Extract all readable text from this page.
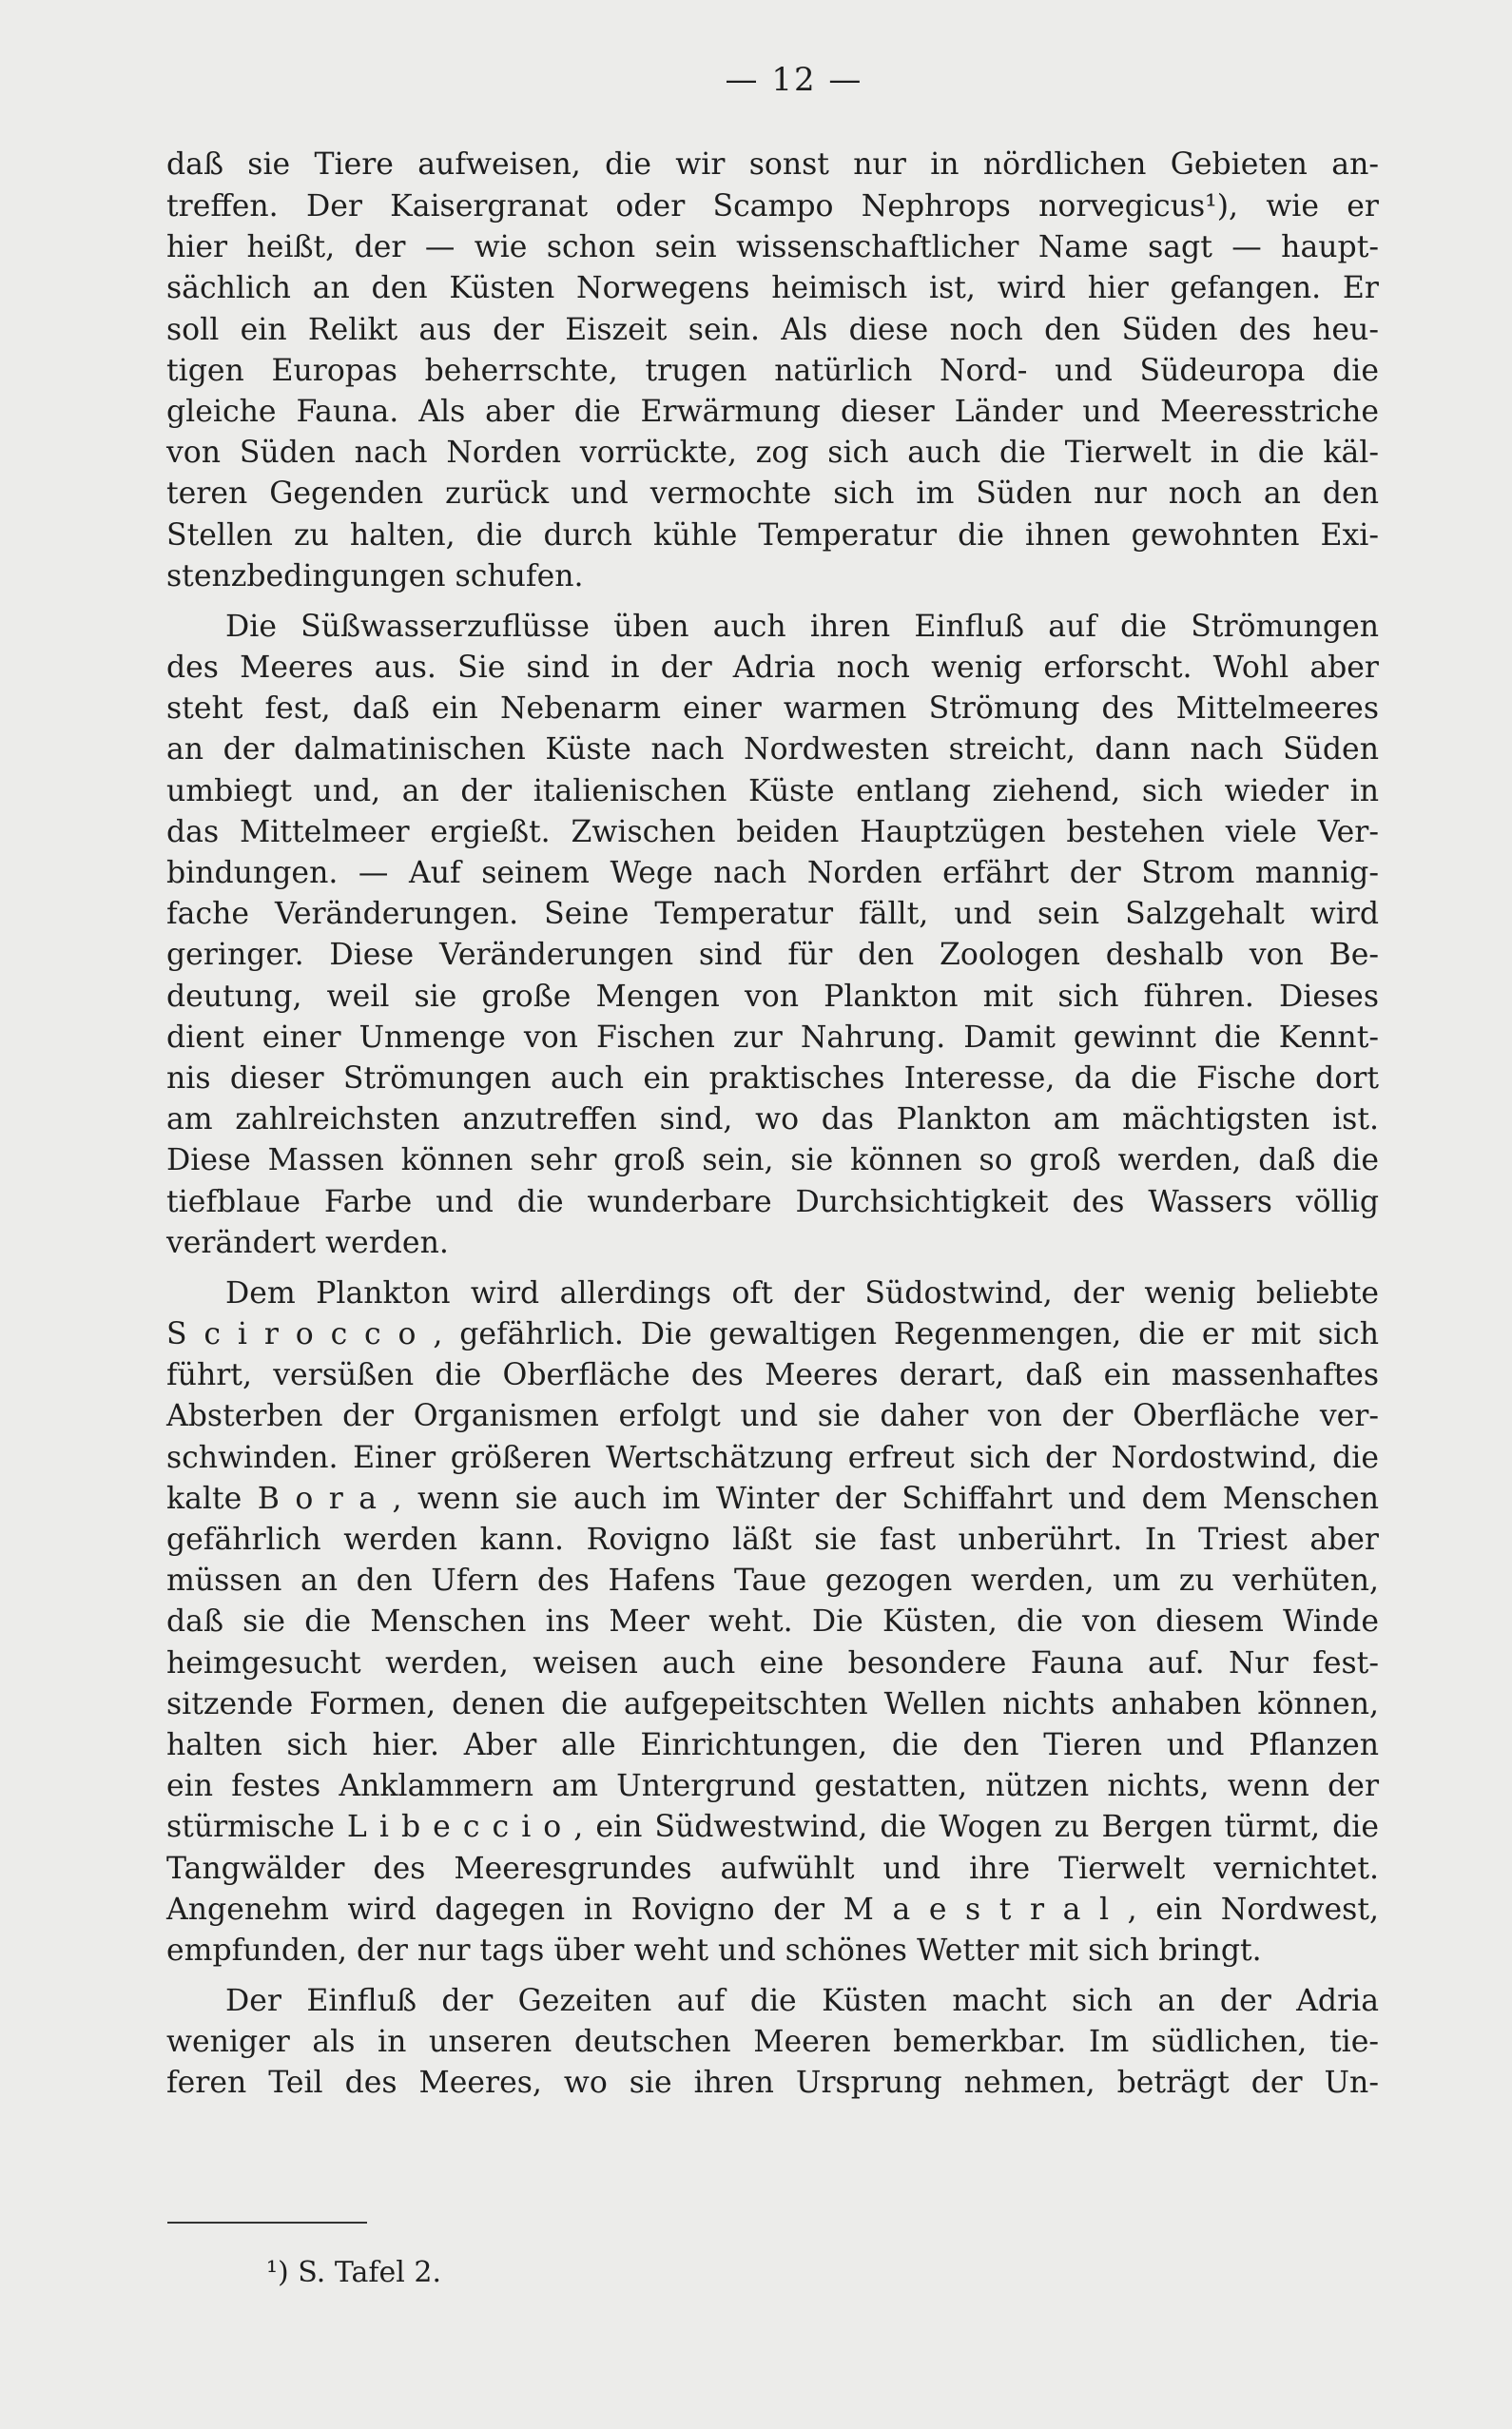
— 12 —
daß sie Tiere aufweisen, die wir sonst nur in nördlichen Gebieten an-
treffen. Der Kaisergranat oder Scampo Nephrops norvegicus¹), wie er
hier heißt, der — wie schon sein wissenschaftlicher Name sagt — haupt-
sächlich an den Küsten Norwegens heimisch ist, wird hier gefangen. Er
soll ein Relikt aus der Eiszeit sein. Als diese noch den Süden des heu-
tigen Europas beherrschte, trugen natürlich Nord- und Südeuropa die
gleiche Fauna. Als aber die Erwärmung dieser Länder und Meeresstriche
von Süden nach Norden vorrückte, zog sich auch die Tierwelt in die käl-
teren Gegenden zurück und vermochte sich im Süden nur noch an den
Stellen zu halten, die durch kühle Temperatur die ihnen gewohnten Exi-
stenzbedingungen schufen.
Die Süßwasserzuflüsse üben auch ihren Einfluß auf die Strömungen
des Meeres aus. Sie sind in der Adria noch wenig erforscht. Wohl aber
steht fest, daß ein Nebenarm einer warmen Strömung des Mittelmeeres
an der dalmatinischen Küste nach Nordwesten streicht, dann nach Süden
umbiegt und, an der italienischen Küste entlang ziehend, sich wieder in
das Mittelmeer ergießt. Zwischen beiden Hauptzügen bestehen viele Ver-
bindungen. — Auf seinem Wege nach Norden erfährt der Strom mannig-
fache Veränderungen. Seine Temperatur fällt, und sein Salzgehalt wird
geringer. Diese Veränderungen sind für den Zoologen deshalb von Be-
deutung, weil sie große Mengen von Plankton mit sich führen. Dieses
dient einer Unmenge von Fischen zur Nahrung. Damit gewinnt die Kennt-
nis dieser Strömungen auch ein praktisches Interesse, da die Fische dort
am zahlreichsten anzutreffen sind, wo das Plankton am mächtigsten ist.
Diese Massen können sehr groß sein, sie können so groß werden, daß die
tiefblaue Farbe und die wunderbare Durchsichtigkeit des Wassers völlig
verändert werden.
Dem Plankton wird allerdings oft der Südostwind, der wenig beliebte
S c i r o c c o , gefährlich. Die gewaltigen Regenmengen, die er mit sich
führt, versüßen die Oberfläche des Meeres derart, daß ein massenhaftes
Absterben der Organismen erfolgt und sie daher von der Oberfläche ver-
schwinden. Einer größeren Wertschätzung erfreut sich der Nordostwind, die
kalte B o r a , wenn sie auch im Winter der Schiffahrt und dem Menschen
gefährlich werden kann. Rovigno läßt sie fast unberührt. In Triest aber
müssen an den Ufern des Hafens Taue gezogen werden, um zu verhüten,
daß sie die Menschen ins Meer weht. Die Küsten, die von diesem Winde
heimgesucht werden, weisen auch eine besondere Fauna auf. Nur fest-
sitzende Formen, denen die aufgepeitschten Wellen nichts anhaben können,
halten sich hier. Aber alle Einrichtungen, die den Tieren und Pflanzen
ein festes Anklammern am Untergrund gestatten, nützen nichts, wenn der
stürmische L i b e c c i o , ein Südwestwind, die Wogen zu Bergen türmt, die
Tangwälder des Meeresgrundes aufwühlt und ihre Tierwelt vernichtet.
Angenehm wird dagegen in Rovigno der M a e s t r a l , ein Nordwest,
empfunden, der nur tags über weht und schönes Wetter mit sich bringt.
Der Einfluß der Gezeiten auf die Küsten macht sich an der Adria
weniger als in unseren deutschen Meeren bemerkbar. Im südlichen, tie-
feren Teil des Meeres, wo sie ihren Ursprung nehmen, beträgt der Un-
¹) S. Tafel 2.
